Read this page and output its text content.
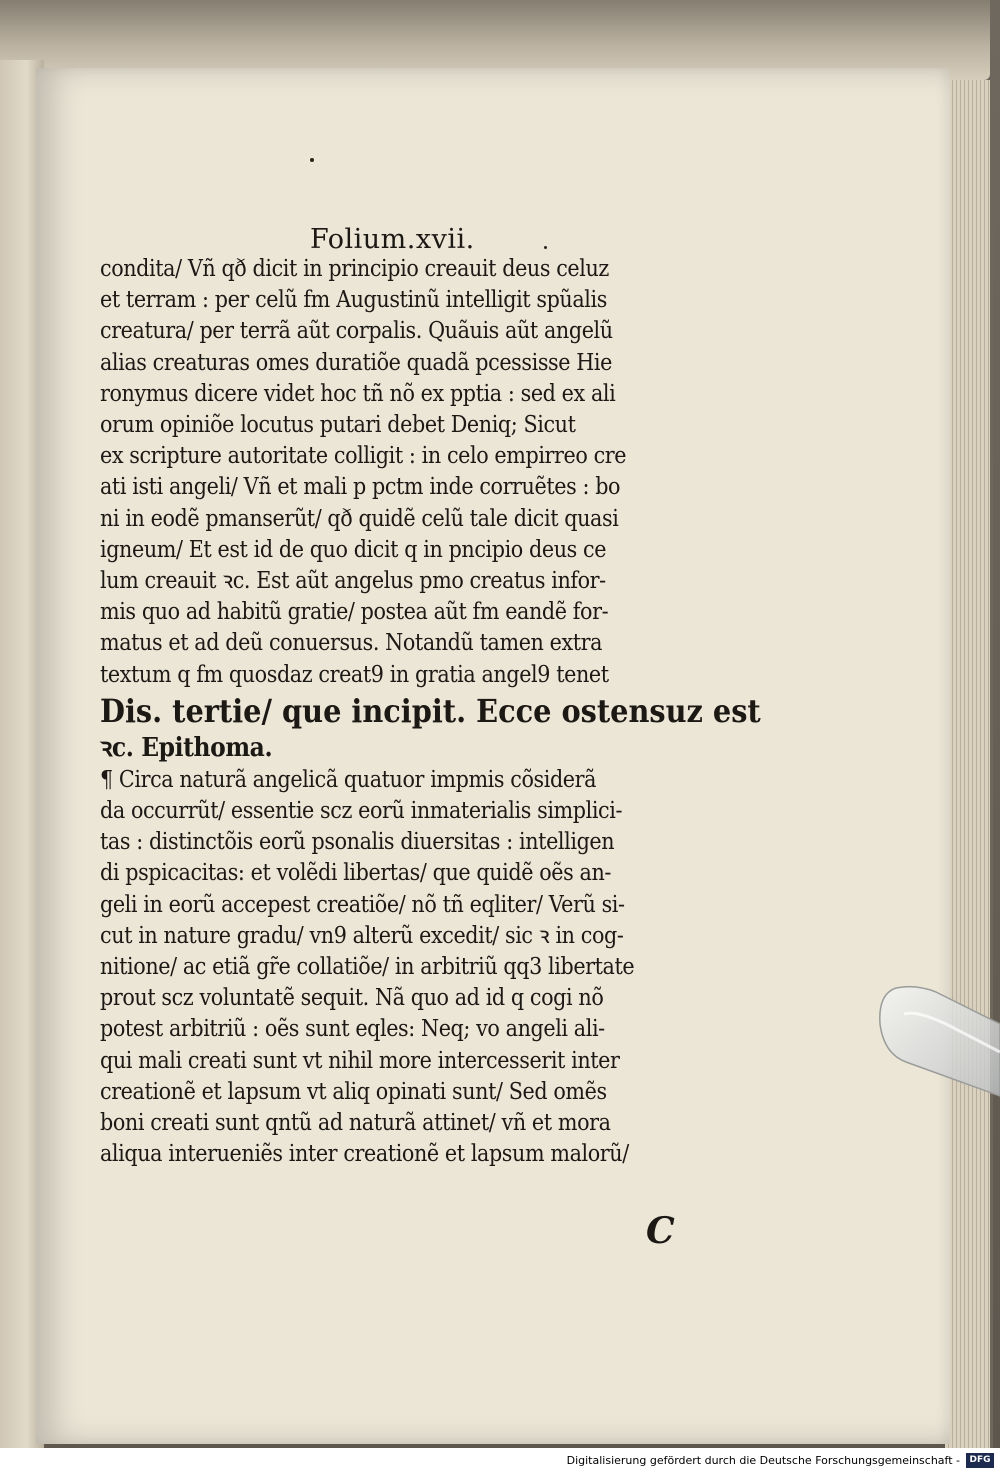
Folium.xvii.
condita/ Vñ qð dicit in principio creauit deus celuz
et terram : per celũ fm Augustinũ intelligit spũalis
creatura/ per terrã aũt corpalis. Quãuis aũt angelũ
alias creaturas omes duratiõe quadã pcessisse Hie
ronymus dicere videt hoc tñ nõ ex pptia : sed ex ali
orum opiniõe locutus putari debet Deniq; Sicut
ex scripture autoritate colligit : in celo empirreo cre
ati isti angeli/ Vñ et mali p pctm inde corruẽtes : bo
ni in eodẽ pmanserũt/ qð quidẽ celũ tale dicit quasi
igneum/ Et est id de quo dicit q in pncipio deus ce
lum creauit ꝛc. Est aũt angelus pmo creatus infor-
mis quo ad habitũ gratie/ postea aũt fm eandẽ for-
matus et ad deũ conuersus. Notandũ tamen extra
textum q fm quosdaz creat9 in gratia angel9 tenet
Dis. tertie/ que incipit. Ecce ostensuz est
ꝛc. Epithoma.
¶ Circa naturã angelicã quatuor impmis cõsiderã
da occurrũt/ essentie scz eorũ inmaterialis simplici-
tas : distinctõis eorũ psonalis diuersitas : intelligen
di pspicacitas: et volẽdi libertas/ que quidẽ oẽs an-
geli in eorũ accepest creatiõe/ nõ tñ eqliter/ Verũ si-
cut in nature gradu/ vn9 alterũ excedit/ sic ꝛ in cog-
nitione/ ac etiã gr̃e collatiõe/ in arbitriũ qq3 libertate
prout scz voluntatẽ sequit. Nã quo ad id q cogi nõ
potest arbitriũ : oẽs sunt eqles: Neq; vo angeli ali-
qui mali creati sunt vt nihil more intercesserit inter
creationẽ et lapsum vt aliq opinati sunt/ Sed omẽs
boni creati sunt qntũ ad naturã attinet/ vñ et mora
aliqua interueniẽs inter creationẽ et lapsum malorũ/
C
Digitalisierung gefördert durch die Deutsche Forschungsgemeinschaft -	DFG
